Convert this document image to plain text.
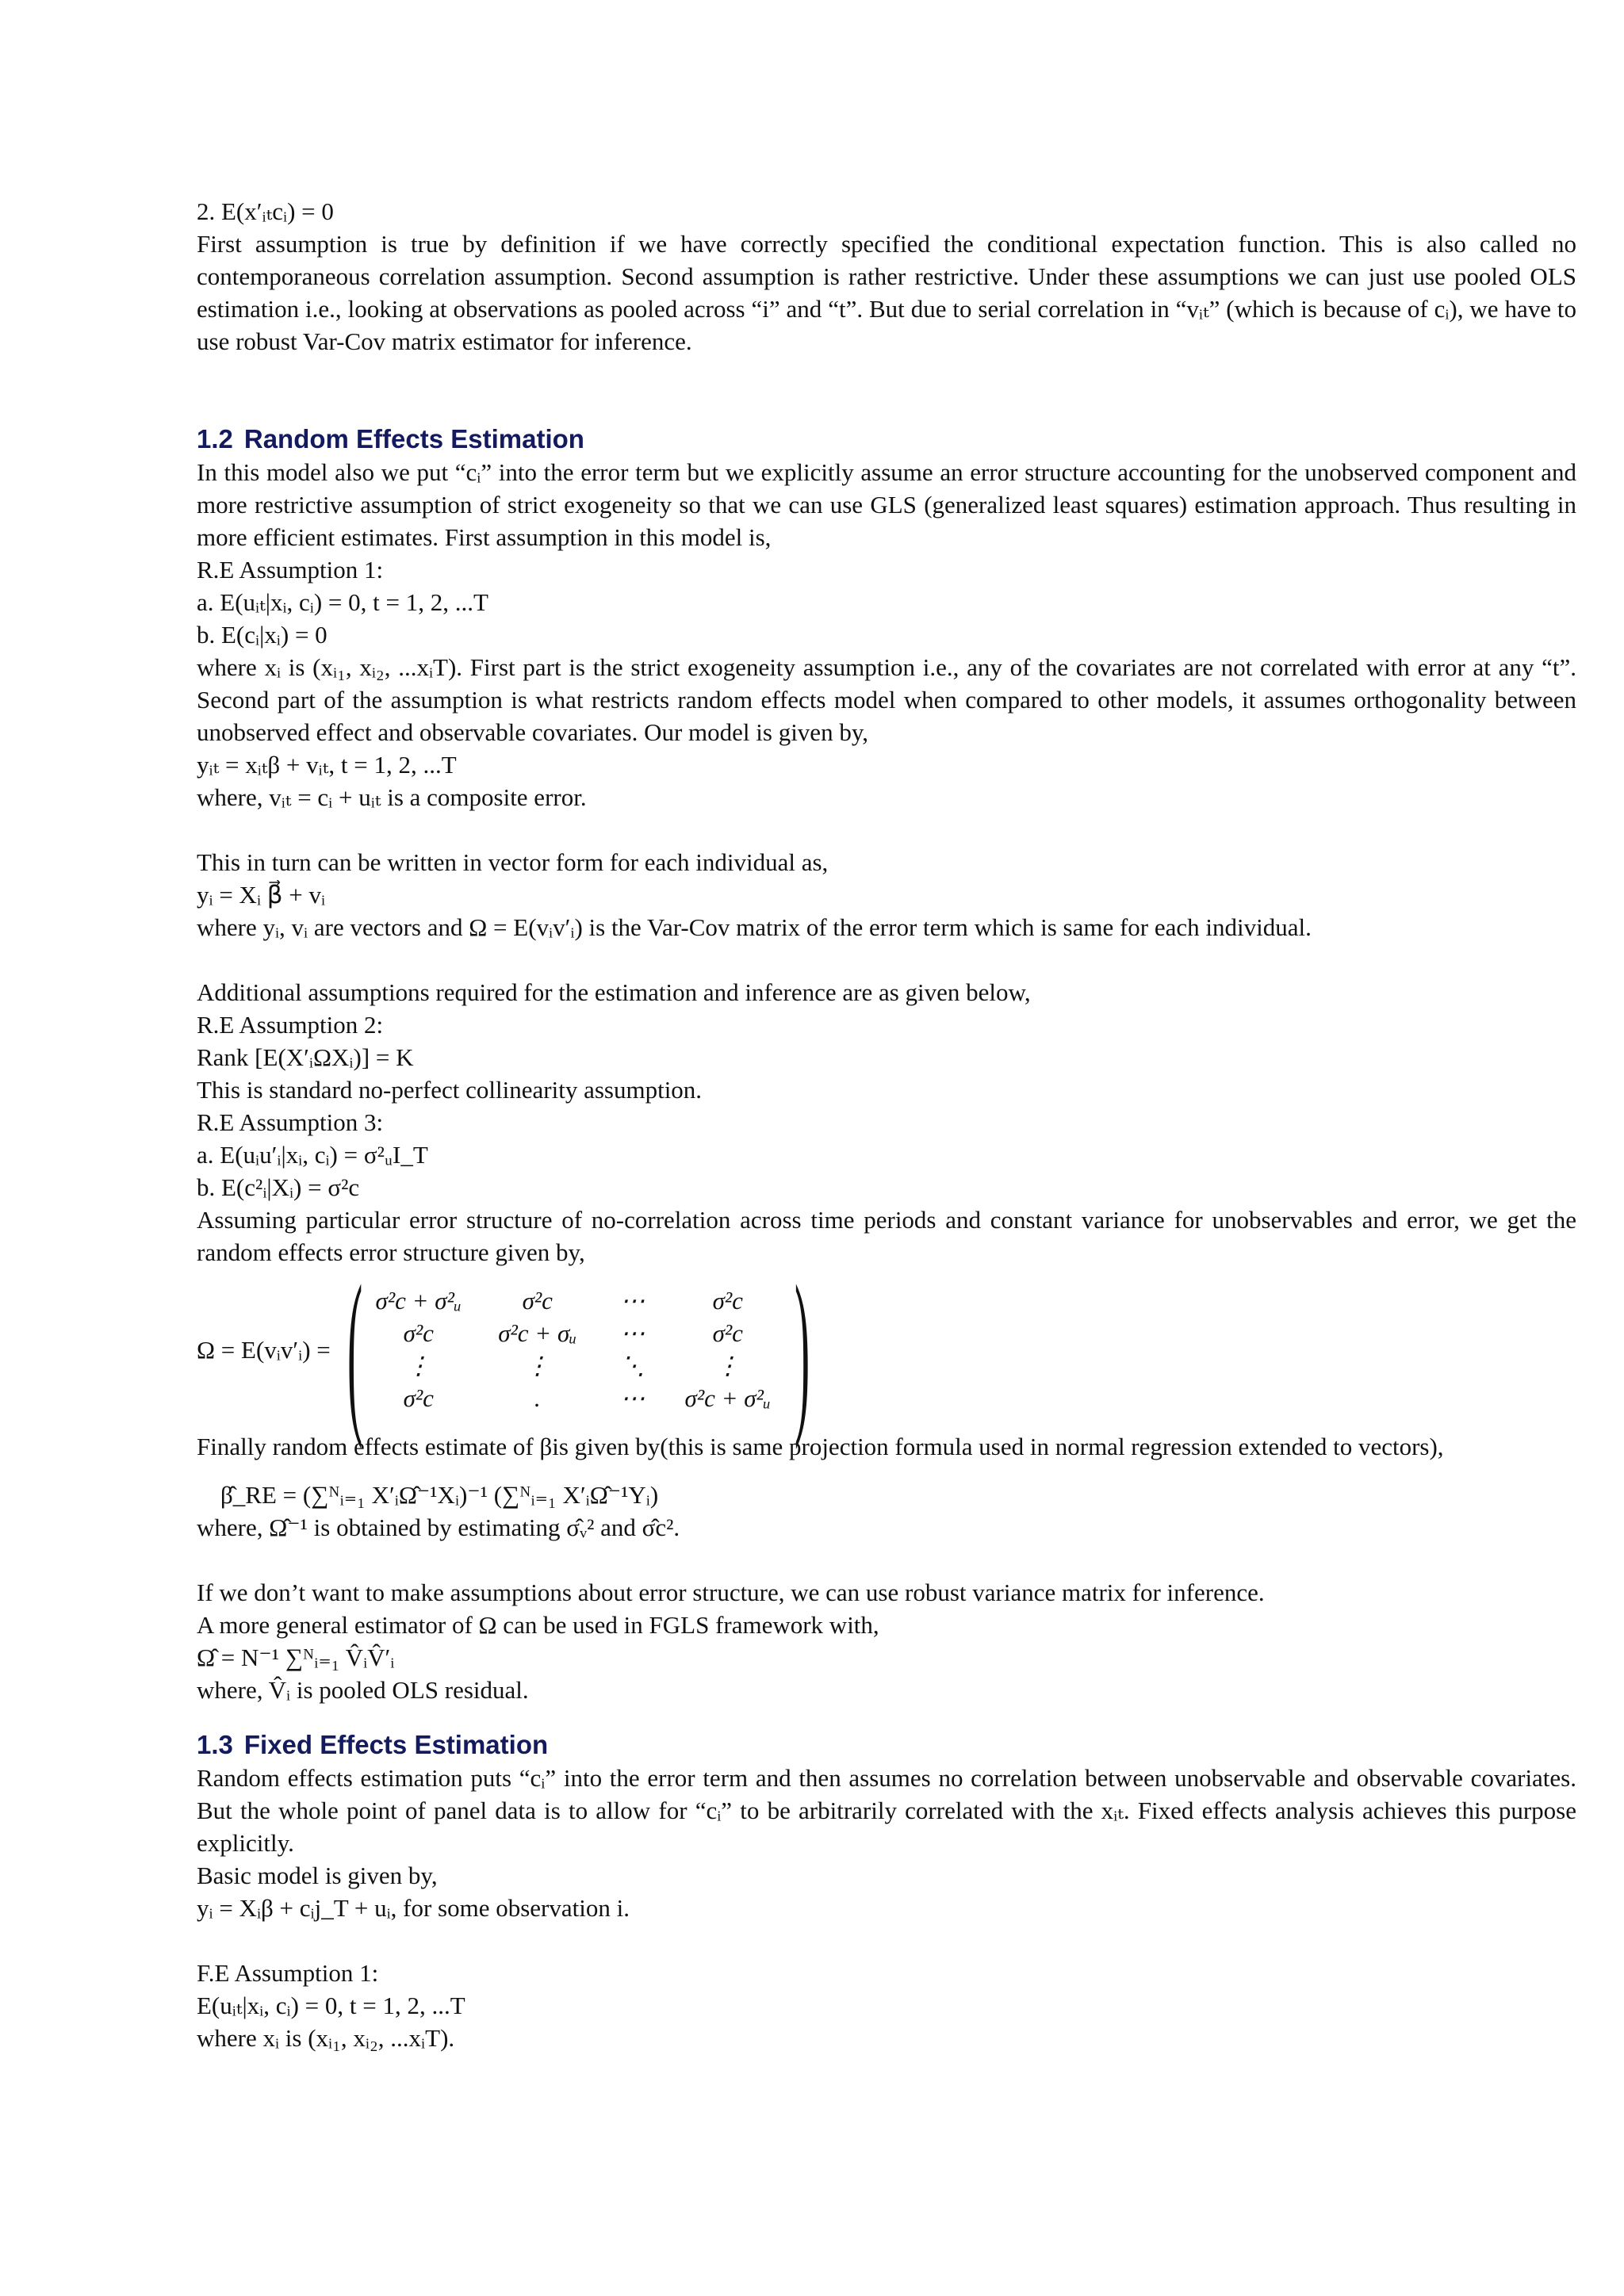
2. E(x′ᵢₜcᵢ) = 0
First assumption is true by definition if we have correctly specified the conditional expectation function. This is also called no contemporaneous correlation assumption. Second assumption is rather restrictive. Under these assumptions we can just use pooled OLS estimation i.e., looking at observations as pooled across “i” and “t”. But due to serial correlation in “vᵢₜ” (which is because of cᵢ), we have to use robust Var-Cov matrix estimator for inference.
1.2 Random Effects Estimation
In this model also we put “cᵢ” into the error term but we explicitly assume an error structure accounting for the unobserved component and more restrictive assumption of strict exogeneity so that we can use GLS (generalized least squares) estimation approach. Thus resulting in more efficient estimates. First assumption in this model is,
R.E Assumption 1:
a. E(uᵢₜ|xᵢ, cᵢ) = 0, t = 1, 2, ...T
b. E(cᵢ|xᵢ) = 0
where xᵢ is (xᵢ₁, xᵢ₂, ...xᵢT). First part is the strict exogeneity assumption i.e., any of the covariates are not correlated with error at any “t”. Second part of the assumption is what restricts random effects model when compared to other models, it assumes orthogonality between unobserved effect and observable covariates. Our model is given by,
yᵢₜ = xᵢₜβ + vᵢₜ, t = 1, 2, ...T
where, vᵢₜ = cᵢ + uᵢₜ is a composite error.
This in turn can be written in vector form for each individual as,
yᵢ = Xᵢ β⃗ + vᵢ
where yᵢ, vᵢ are vectors and Ω = E(vᵢv′ᵢ) is the Var-Cov matrix of the error term which is same for each individual.
Additional assumptions required for the estimation and inference are as given below,
R.E Assumption 2:
Rank [E(X′ᵢΩXᵢ)] = K
This is standard no-perfect collinearity assumption.
R.E Assumption 3:
a. E(uᵢu′ᵢ|xᵢ, cᵢ) = σ²ᵤI_T
b. E(c²ᵢ|Xᵢ) = σ²c
Assuming particular error structure of no-correlation across time periods and constant variance for unobservables and error, we get the random effects error structure given by,
Ω = E(vᵢv′ᵢ) = ( σ²c + σ²ᵤ	σ²c	⋯	σ²c
σ²c	σ²c + σᵤ	⋯	σ²c
⋮	⋮	⋱	⋮
σ²c	.	⋯	σ²c + σ²ᵤ )
Finally random effects estimate of βis given by(this is same projection formula used in normal regression extended to vectors),
β̂_RE = (∑ᴺᵢ₌₁ X′ᵢΩ̂⁻¹Xᵢ)⁻¹ (∑ᴺᵢ₌₁ X′ᵢΩ̂⁻¹Yᵢ)
where, Ω̂⁻¹ is obtained by estimating σ̂ᵥ² and σ̂c².
If we don’t want to make assumptions about error structure, we can use robust variance matrix for inference.
A more general estimator of Ω can be used in FGLS framework with,
Ω̂ = N⁻¹ ∑ᴺᵢ₌₁ V̂ᵢV̂′ᵢ
where, V̂ᵢ is pooled OLS residual.
1.3 Fixed Effects Estimation
Random effects estimation puts “cᵢ” into the error term and then assumes no correlation between unobservable and observable covariates. But the whole point of panel data is to allow for “cᵢ” to be arbitrarily correlated with the xᵢₜ. Fixed effects analysis achieves this purpose explicitly.
Basic model is given by,
yᵢ = Xᵢβ + cᵢj_T + uᵢ, for some observation i.
F.E Assumption 1:
E(uᵢₜ|xᵢ, cᵢ) = 0, t = 1, 2, ...T
where xᵢ is (xᵢ₁, xᵢ₂, ...xᵢT).
